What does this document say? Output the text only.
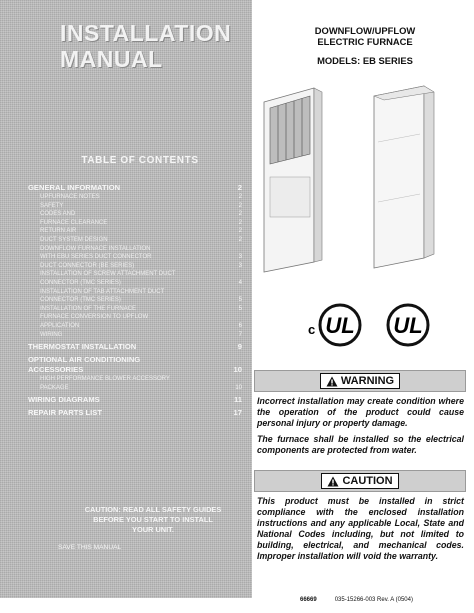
INSTALLATION
MANUAL
TABLE OF CONTENTS
GENERAL INFORMATION	2
UPFURNACE NOTES	2
SAFETY	2
CODES AND	2
FURNACE CLEARANCE	2
RETURN AIR	2
DUCT SYSTEM DESIGN	2
DOWNFLOW FURNACE INSTALLATION
WITH EBU SERIES DUCT CONNECTOR	3
DUCT CONNECTOR (BE SERIES)	3
INSTALLATION OF SCREW ATTACHMENT DUCT
CONNECTOR (TMC SERIES)	4
INSTALLATION OF TAB ATTACHMENT DUCT
CONNECTOR (TMC SERIES)	5
INSTALLATION OF THE FURNACE	5
FURNACE CONVERSION TO UPFLOW
APPLICATION	6
WIRING	7
THERMOSTAT INSTALLATION	9
OPTIONAL AIR CONDITIONING
ACCESSORIES	10
HIGH PERFORMANCE BLOWER ACCESSORY
PACKAGE	10
WIRING DIAGRAMS	11
REPAIR PARTS LIST	17
CAUTION: READ ALL SAFETY GUIDES
BEFORE YOU START TO INSTALL
YOUR UNIT.
SAVE THIS MANUAL
DOWNFLOW/UPFLOW
ELECTRIC FURNACE
MODELS: EB SERIES
c UL UL
WARNING

Incorrect installation may create condition where the operation of the product could cause personal injury or property damage.

The furnace shall be installed so the electrical components are protected from water.

CAUTION
This product must be installed in strict compliance with the enclosed installation instructions and any applicable Local, State and National Codes including, but not limited to building, electrical, and mechanical codes. Improper installation will void the warranty.
66669	035-15266-003 Rev. A (0504)
